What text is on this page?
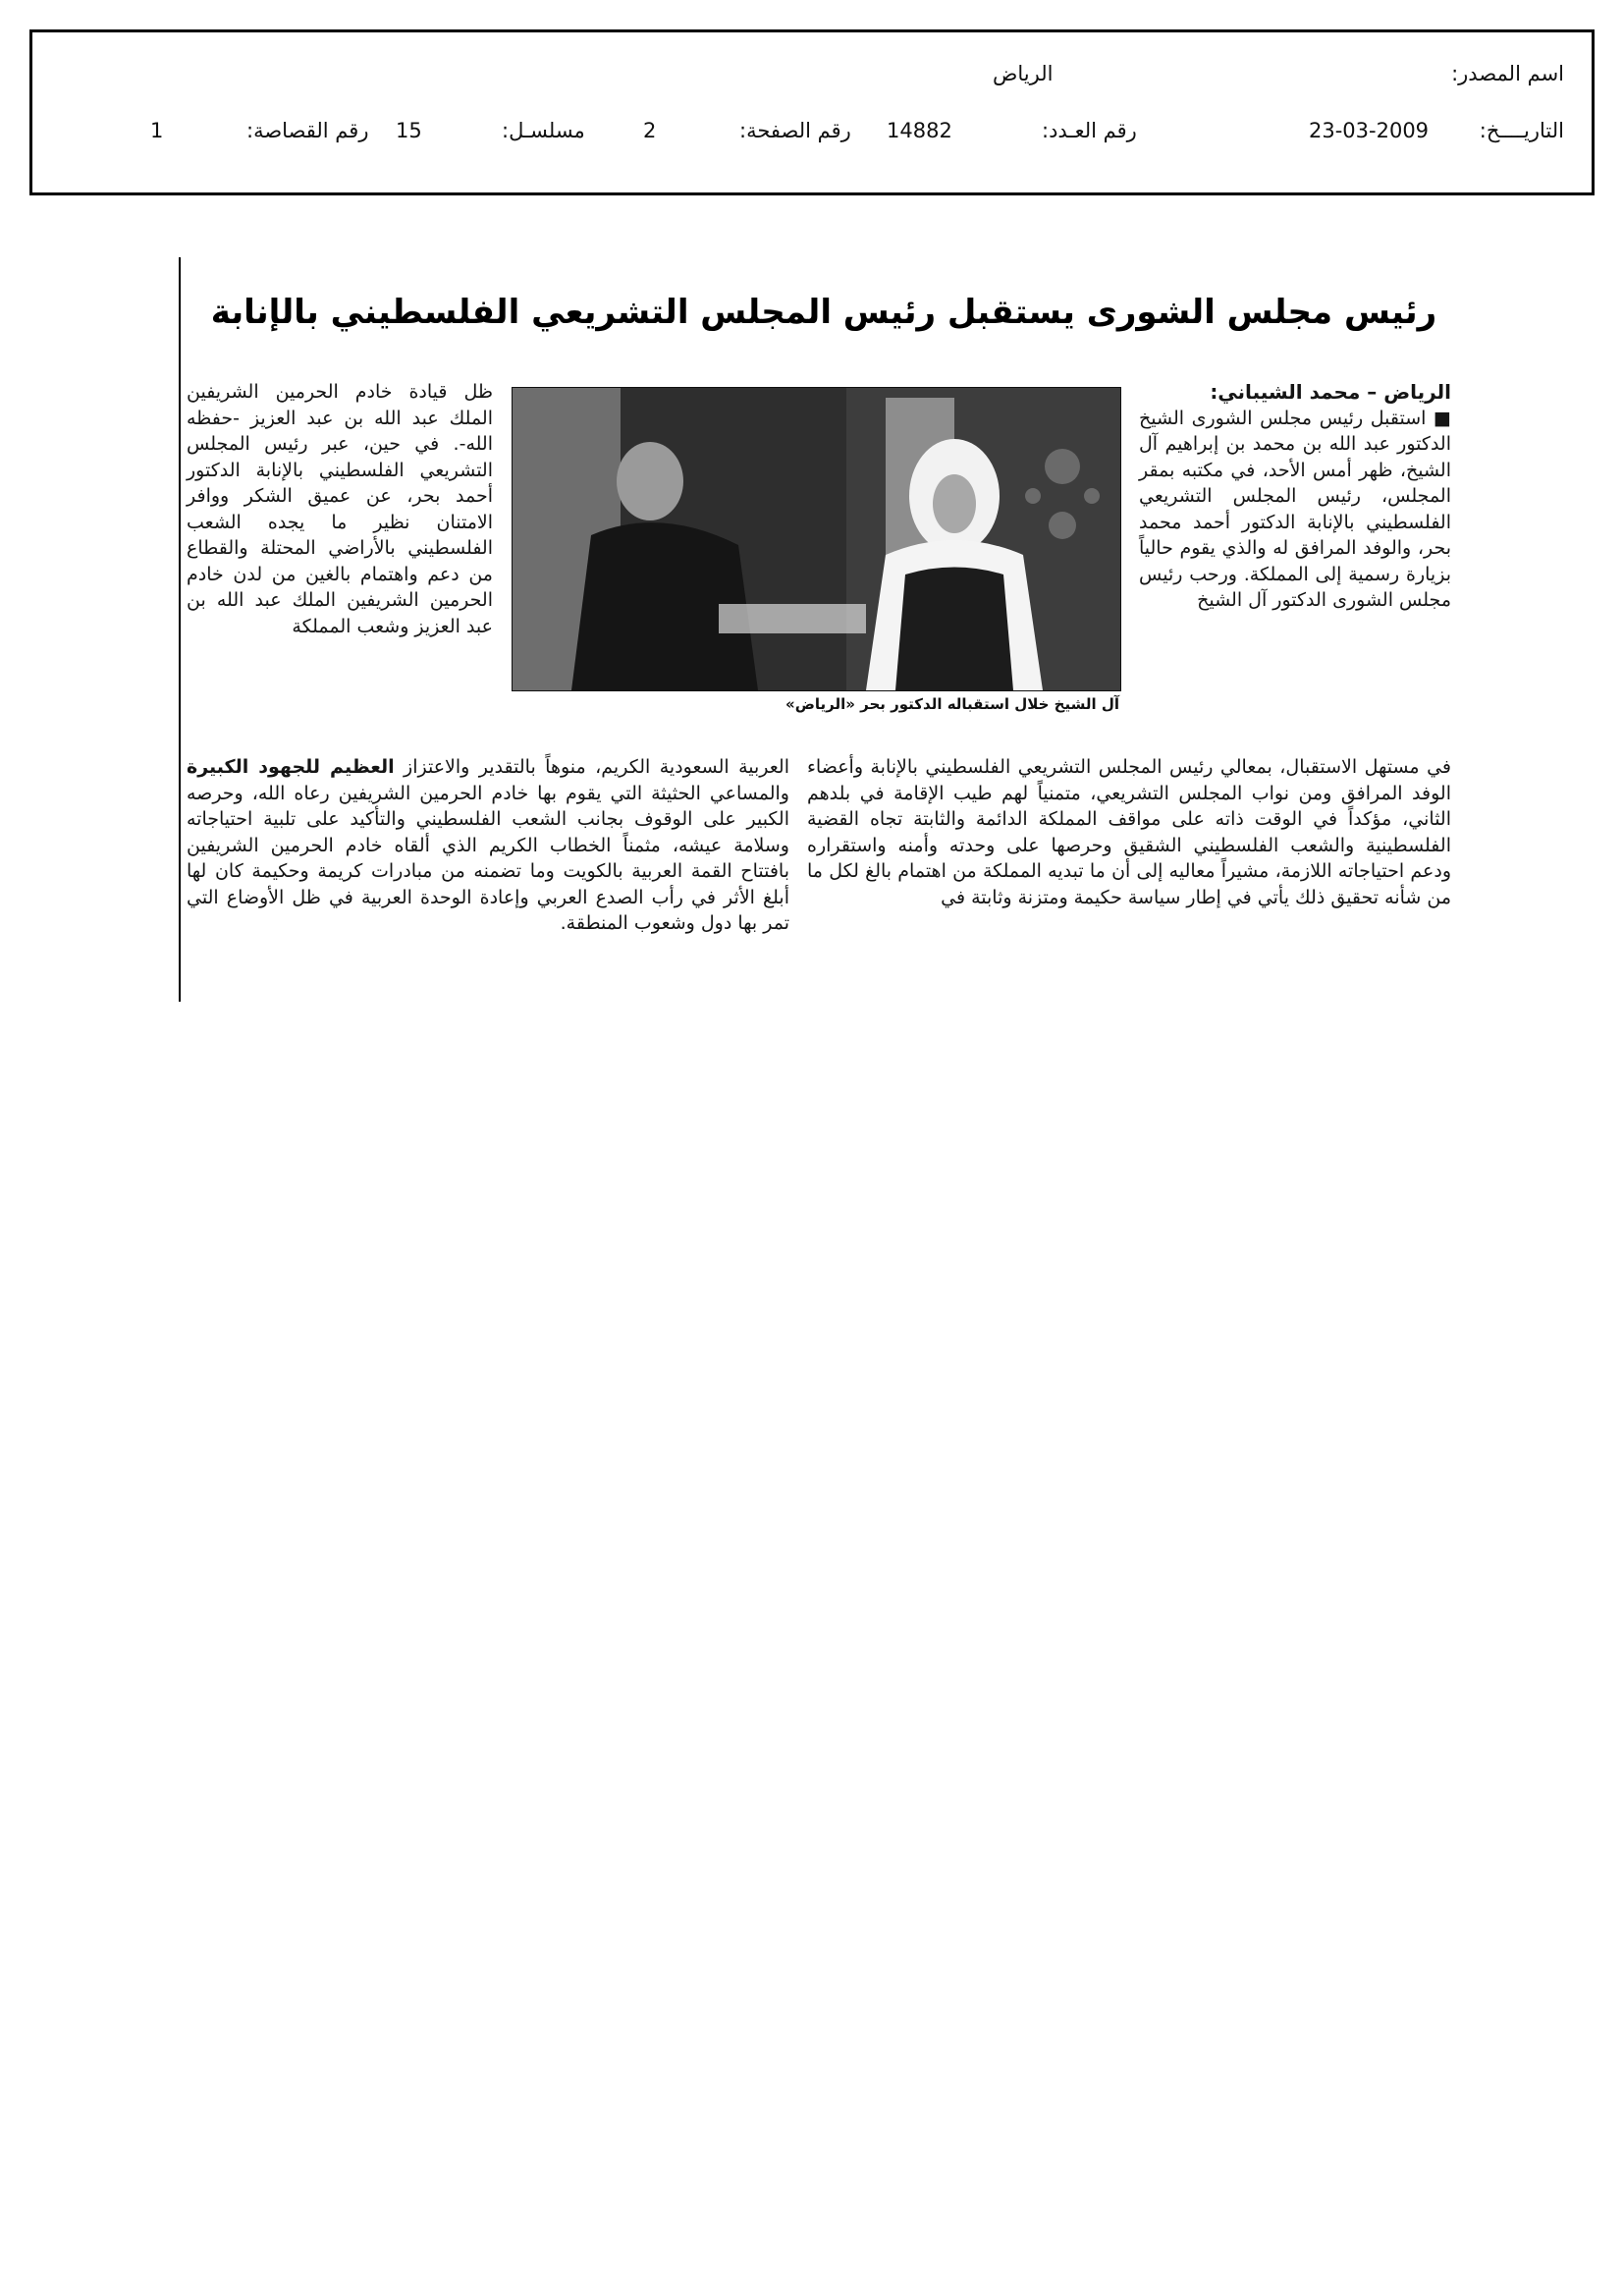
اسم المصدر:
الرياض
التاريــــخ:
23-03-2009
رقم العـدد:
14882
رقم الصفحة:
2
مسلسـل:
15
رقم القصاصة:
1
رئيس مجلس الشورى يستقبل رئيس المجلس التشريعي الفلسطيني بالإنابة
الرياض – محمد الشيباني:
■ استقبل رئيس مجلس الشورى الشيخ الدكتور عبد الله بن محمد بن إبراهيم آل الشيخ، ظهر أمس الأحد، في مكتبه بمقر المجلس، رئيس المجلس التشريعي الفلسطيني بالإنابة الدكتور أحمد محمد بحر، والوفد المرافق له والذي يقوم حالياً بزيارة رسمية إلى المملكة. ورحب رئيس مجلس الشورى الدكتور آل الشيخ
آل الشيخ خلال استقباله الدكتور بحر «الرياض»
ظل قيادة خادم الحرمين الشريفين الملك عبد الله بن عبد العزيز -حفظه الله-. في حين، عبر رئيس المجلس التشريعي الفلسطيني بالإنابة الدكتور أحمد بحر، عن عميق الشكر ووافر الامتنان نظير ما يجده الشعب الفلسطيني بالأراضي المحتلة والقطاع من دعم واهتمام بالغين من لدن خادم الحرمين الشريفين الملك عبد الله بن عبد العزيز وشعب المملكة
في مستهل الاستقبال، بمعالي رئيس المجلس التشريعي الفلسطيني بالإنابة وأعضاء الوفد المرافق ومن نواب المجلس التشريعي، متمنياً لهم طيب الإقامة في بلدهم الثاني، مؤكداً في الوقت ذاته على مواقف المملكة الدائمة والثابتة تجاه القضية الفلسطينية والشعب الفلسطيني الشقيق وحرصها على وحدته وأمنه واستقراره ودعم احتياجاته اللازمة، مشيراً معاليه إلى أن ما تبديه المملكة من اهتمام بالغ لكل ما من شأنه تحقيق ذلك يأتي في إطار سياسة حكيمة ومتزنة وثابتة في
العربية السعودية الكريم، منوهاً بالتقدير والاعتزاز العظيم للجهود الكبيرة والمساعي الحثيثة التي يقوم بها خادم الحرمين الشريفين رعاه الله، وحرصه الكبير على الوقوف بجانب الشعب الفلسطيني والتأكيد على تلبية احتياجاته وسلامة عيشه، مثمناً الخطاب الكريم الذي ألقاه خادم الحرمين الشريفين بافتتاح القمة العربية بالكويت وما تضمنه من مبادرات كريمة وحكيمة كان لها أبلغ الأثر في رأب الصدع العربي وإعادة الوحدة العربية في ظل الأوضاع التي تمر بها دول وشعوب المنطقة.
